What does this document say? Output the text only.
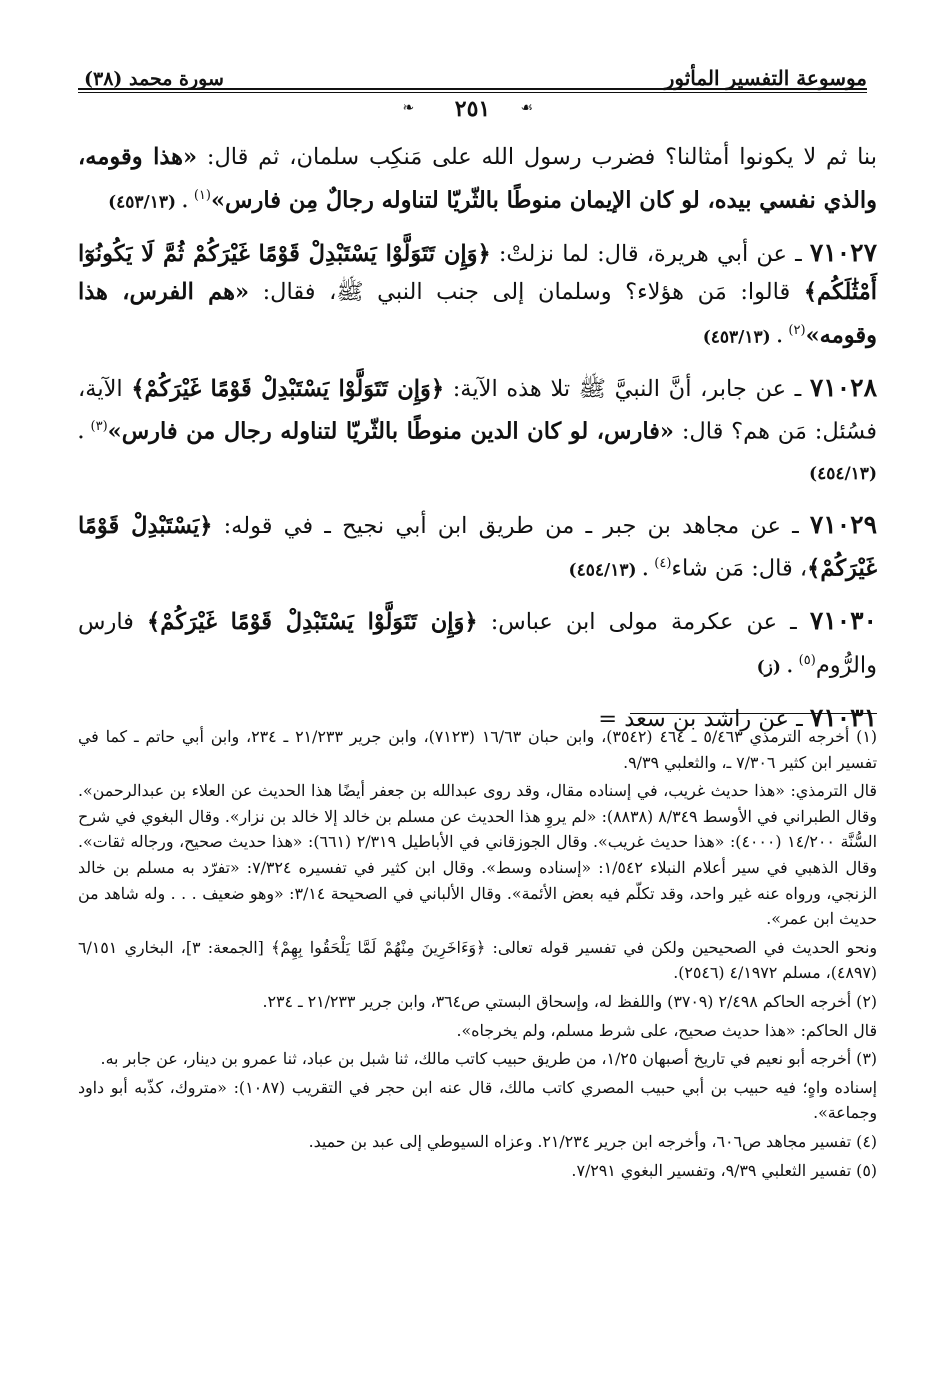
موسوعة التفسير المأثور
سورة محمد (٣٨)
❧ ٢٥١ ☙

بنا ثم لا يكونوا أمثالنا؟ فضرب رسول الله على مَنكِب سلمان، ثم قال: «هذا وقومه، والذي نفسي بيده، لو كان الإيمان منوطًا بالثّريّا لتناوله رجالٌ مِن فارس»$^{(١)}$ . (٤٥٣/١٣)

٧١٠٢٧ ـ عن أبي هريرة، قال: لما نزلتْ: ﴿وَإِن تَتَوَلَّوْا يَسْتَبْدِلْ قَوْمًا غَيْرَكُمْ ثُمَّ لَا يَكُونُوٓا أَمْثَٰلَكُم﴾ قالوا: مَن هؤلاء؟ وسلمان إلى جنب النبي ﷺ، فقال: «هم الفرس، هذا وقومه»$^{(٢)}$ . (٤٥٣/١٣)

٧١٠٢٨ ـ عن جابر، أنَّ النبيَّ ﷺ تلا هذه الآية: ﴿وَإِن تَتَوَلَّوْا يَسْتَبْدِلْ قَوْمًا غَيْرَكُمْ﴾ الآية، فسُئل: مَن هم؟ قال: «فارس، لو كان الدين منوطًا بالثّريّا لتناوله رجال من فارس»$^{(٣)}$ . (٤٥٤/١٣)

٧١٠٢٩ ـ عن مجاهد بن جبر ـ من طريق ابن أبي نجيح ـ في قوله: ﴿يَسْتَبْدِلْ قَوْمًا غَيْرَكُمْ﴾، قال: مَن شاء$^{(٤)}$ . (٤٥٤/١٣)

٧١٠٣٠ ـ عن عكرمة مولى ابن عباس: ﴿وَإِن تَتَوَلَّوْا يَسْتَبْدِلْ قَوْمًا غَيْرَكُمْ﴾ فارس والرُّوم$^{(٥)}$ . (ز)

٧١٠٣١ ـ عن راشد بن سعد =

(١) أخرجه الترمذي ٥/٤٦٣ ـ ٤٦٤ (٣٥٤٢)، وابن حبان ١٦/٦٣ (٧١٢٣)، وابن جرير ٢١/٢٣٣ ـ ٢٣٤، وابن أبي حاتم ـ كما في تفسير ابن كثير ٧/٣٠٦ ـ، والثعلبي ٩/٣٩.

قال الترمذي: «هذا حديث غريب، في إسناده مقال، وقد روى عبدالله بن جعفر أيضًا هذا الحديث عن العلاء بن عبدالرحمن». وقال الطبراني في الأوسط ٨/٣٤٩ (٨٨٣٨): «لم يروِ هذا الحديث عن مسلم بن خالد إلا خالد بن نزار». وقال البغوي في شرح السُّنَّة ١٤/٢٠٠ (٤٠٠٠): «هذا حديث غريب». وقال الجوزقاني في الأباطيل ٢/٣١٩ (٦٦١): «هذا حديث صحيح، ورجاله ثقات». وقال الذهبي في سير أعلام النبلاء ١/٥٤٢: «إسناده وسط». وقال ابن كثير في تفسيره ٧/٣٢٤: «تفرّد به مسلم بن خالد الزنجي، ورواه عنه غير واحد، وقد تكلّم فيه بعض الأئمة». وقال الألباني في الصحيحة ٣/١٤: «وهو ضعيف . . . وله شاهد من حديث ابن عمر».

ونحو الحديث في الصحيحين ولكن في تفسير قوله تعالى: ﴿وَءَاخَرِينَ مِنْهُمْ لَمَّا يَلْحَقُوا بِهِمْ﴾ [الجمعة: ٣]، البخاري ٦/١٥١ (٤٨٩٧)، مسلم ٤/١٩٧٢ (٢٥٤٦).

(٢) أخرجه الحاكم ٢/٤٩٨ (٣٧٠٩) واللفظ له، وإسحاق البستي ص٣٦٤، وابن جرير ٢١/٢٣٣ ـ ٢٣٤.

قال الحاكم: «هذا حديث صحيح، على شرط مسلم، ولم يخرجاه».

(٣) أخرجه أبو نعيم في تاريخ أصبهان ١/٢٥، من طريق حبيب كاتب مالك، ثنا شبل بن عباد، ثنا عمرو بن دينار، عن جابر به.

إسناده واهٍ؛ فيه حبيب بن أبي حبيب المصري كاتب مالك، قال عنه ابن حجر في التقريب (١٠٨٧): «متروك، كذّبه أبو داود وجماعة».

(٤) تفسير مجاهد ص٦٠٦، وأخرجه ابن جرير ٢١/٢٣٤. وعزاه السيوطي إلى عبد بن حميد.

(٥) تفسير الثعلبي ٩/٣٩، وتفسير البغوي ٧/٢٩١.
